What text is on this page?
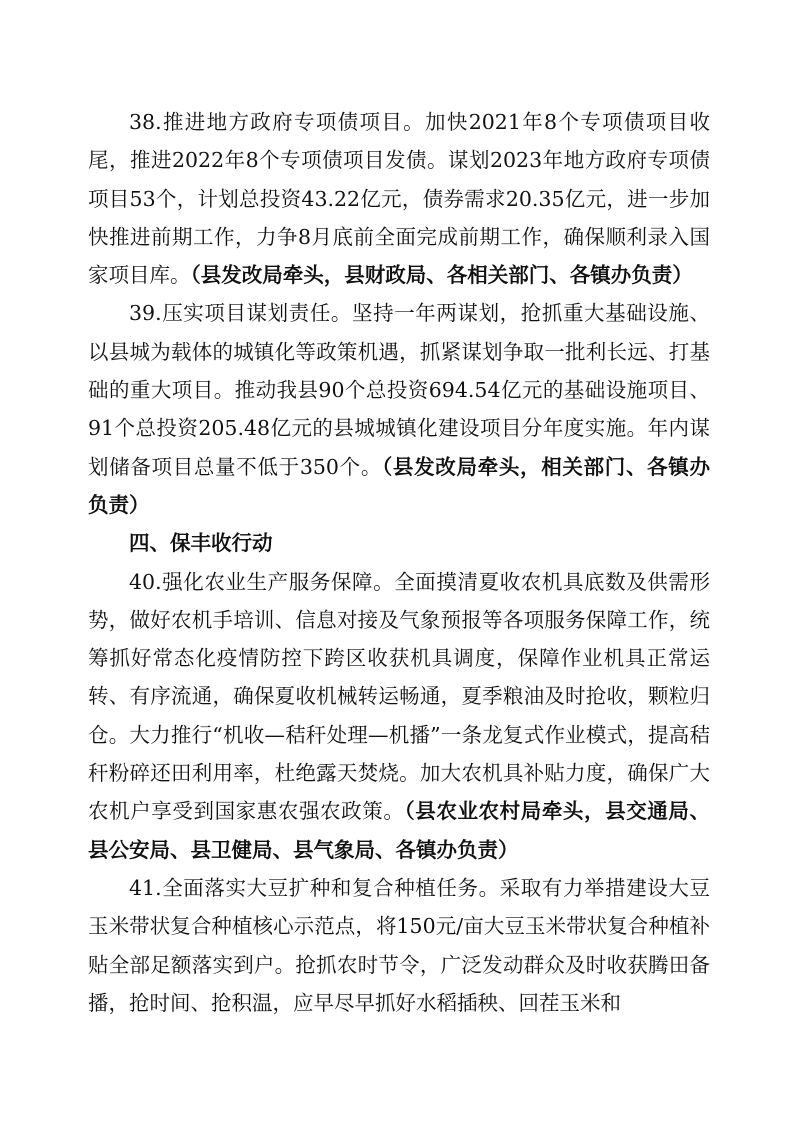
38.推进地方政府专项债项目。加快2021年8个专项债项目收尾，推进2022年8个专项债项目发债。谋划2023年地方政府专项债项目53个，计划总投资43.22亿元，债券需求20.35亿元，进一步加快推进前期工作，力争8月底前全面完成前期工作，确保顺利录入国家项目库。（县发改局牵头，县财政局、各相关部门、各镇办负责）

39.压实项目谋划责任。坚持一年两谋划，抢抓重大基础设施、以县城为载体的城镇化等政策机遇，抓紧谋划争取一批利长远、打基础的重大项目。推动我县90个总投资694.54亿元的基础设施项目、91个总投资205.48亿元的县城城镇化建设项目分年度实施。年内谋划储备项目总量不低于350个。（县发改局牵头，相关部门、各镇办负责）

四、保丰收行动

40.强化农业生产服务保障。全面摸清夏收农机具底数及供需形势，做好农机手培训、信息对接及气象预报等各项服务保障工作，统筹抓好常态化疫情防控下跨区收获机具调度，保障作业机具正常运转、有序流通，确保夏收机械转运畅通，夏季粮油及时抢收，颗粒归仓。大力推行“机收—秸秆处理—机播”一条龙复式作业模式，提高秸秆粉碎还田利用率，杜绝露天焚烧。加大农机具补贴力度，确保广大农机户享受到国家惠农强农政策。（县农业农村局牵头，县交通局、县公安局、县卫健局、县气象局、各镇办负责）

41.全面落实大豆扩种和复合种植任务。采取有力举措建设大豆玉米带状复合种植核心示范点，将150元/亩大豆玉米带状复合种植补贴全部足额落实到户。抢抓农时节令，广泛发动群众及时收获腾田备播，抢时间、抢积温，应早尽早抓好水稻插秧、回茬玉米和
